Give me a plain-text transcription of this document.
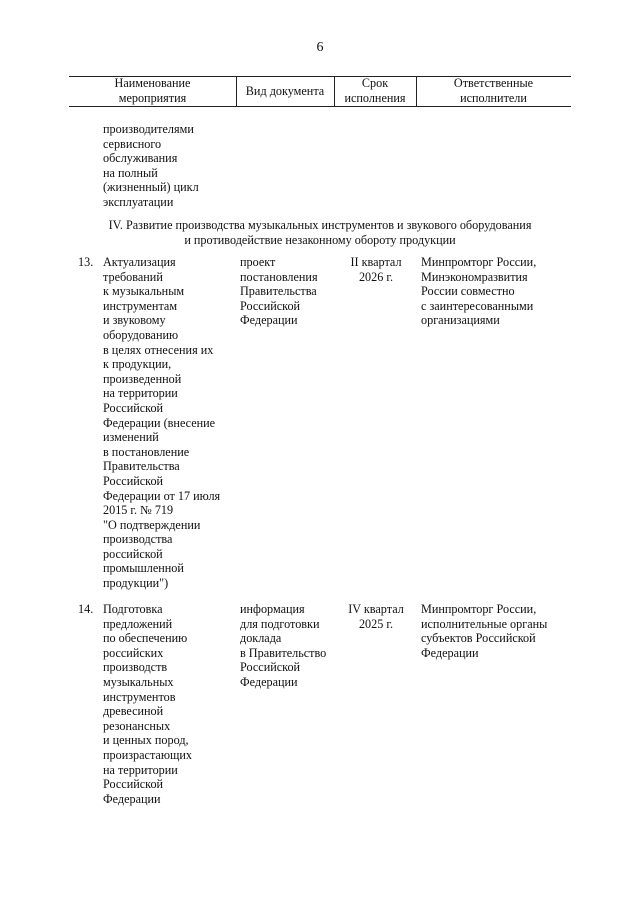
6
Наименование
мероприятия
Вид документа
Срок
исполнения
Ответственные
исполнители
производителями
сервисного
обслуживания
на полный
(жизненный) цикл
эксплуатации
IV. Развитие производства музыкальных инструментов и звукового оборудования
и противодействие незаконному обороту продукции
13. Актуализация
требований
к музыкальным
инструментам
и звуковому
оборудованию
в целях отнесения их
к продукции,
произведенной
на территории
Российской
Федерации (внесение
изменений
в постановление
Правительства
Российской
Федерации от 17 июля
2015 г. № 719
"О подтверждении
производства
российской
промышленной
продукции")
проект
постановления
Правительства
Российской
Федерации
II квартал
2026 г.
Минпромторг России,
Минэкономразвития
России совместно
с заинтересованными
организациями
14. Подготовка
предложений
по обеспечению
российских
производств
музыкальных
инструментов
древесиной
резонансных
и ценных пород,
произрастающих
на территории
Российской
Федерации
информация
для подготовки
доклада
в Правительство
Российской
Федерации
IV квартал
2025 г.
Минпромторг России,
исполнительные органы
субъектов Российской
Федерации
